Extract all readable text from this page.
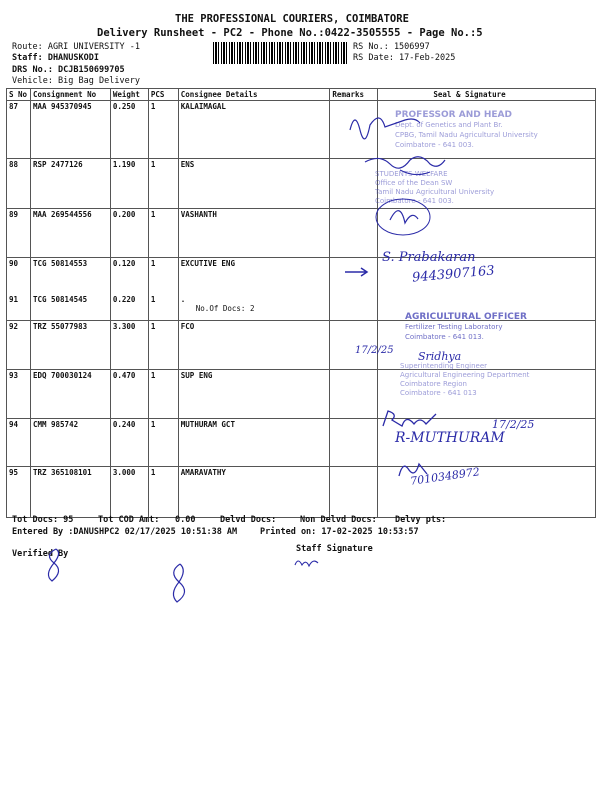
THE PROFESSIONAL COURIERS, COIMBATORE
Delivery Runsheet - PC2 - Phone No.:0422-3505555 - Page No.:5
Route: AGRI UNIVERSITY -1
Staff: DHANUSKODI
DRS No.: DCJB150699705
Vehicle: Big Bag Delivery
RS No.: 1506997
RS Date: 17-Feb-2025
S No	Consignment No	Weight	PCS	Consignee Details	Remarks	Seal & Signature
87	MAA 945370945	0.250	1	KALAIMAGAL		
88	RSP 2477126	1.190	1	ENS		
89	MAA 269544556	0.200	1	VASHANTH		
90	TCG 50814553	0.120	1	EXCUTIVE ENG		
91	TCG 50814545	0.220	1	.
No.Of Docs: 2		

92	TRZ 55077983	3.300	1	FCO		
93	EDQ 700030124	0.470	1	SUP ENG		
94	CMM 985742	0.240	1	MUTHURAM GCT		
95	TRZ 365108101	3.000	1	AMARAVATHY		
PROFESSOR AND HEAD
Dept. of Genetics and Plant Br.
CPBG, Tamil Nadu Agricultural University
Coimbatore - 641 003.
STUDENTS WELFARE
Office of the Dean SW
Tamil Nadu Agricultural University
Coimbatore - 641 003.
AGRICULTURAL OFFICER
Fertilizer Testing Laboratory
Coimbatore - 641 013.
Superintending Engineer
Agricultural Engineering Department
Coimbatore Region
Coimbatore - 641 013
S. Prabakaran
9443907163
17/2/25 Sridhya
17/2/25
R-MUTHURAM
7010348972
Tot Docs: 95	Tot COD Amt: 0.00	Delvd Docs:	Non Delvd Docs: Delvy pts:
Entered By :DANUSHPC2 02/17/2025 10:51:38 AM	Printed on: 17-02-2025 10:53:57
Verified By	Staff Signature
